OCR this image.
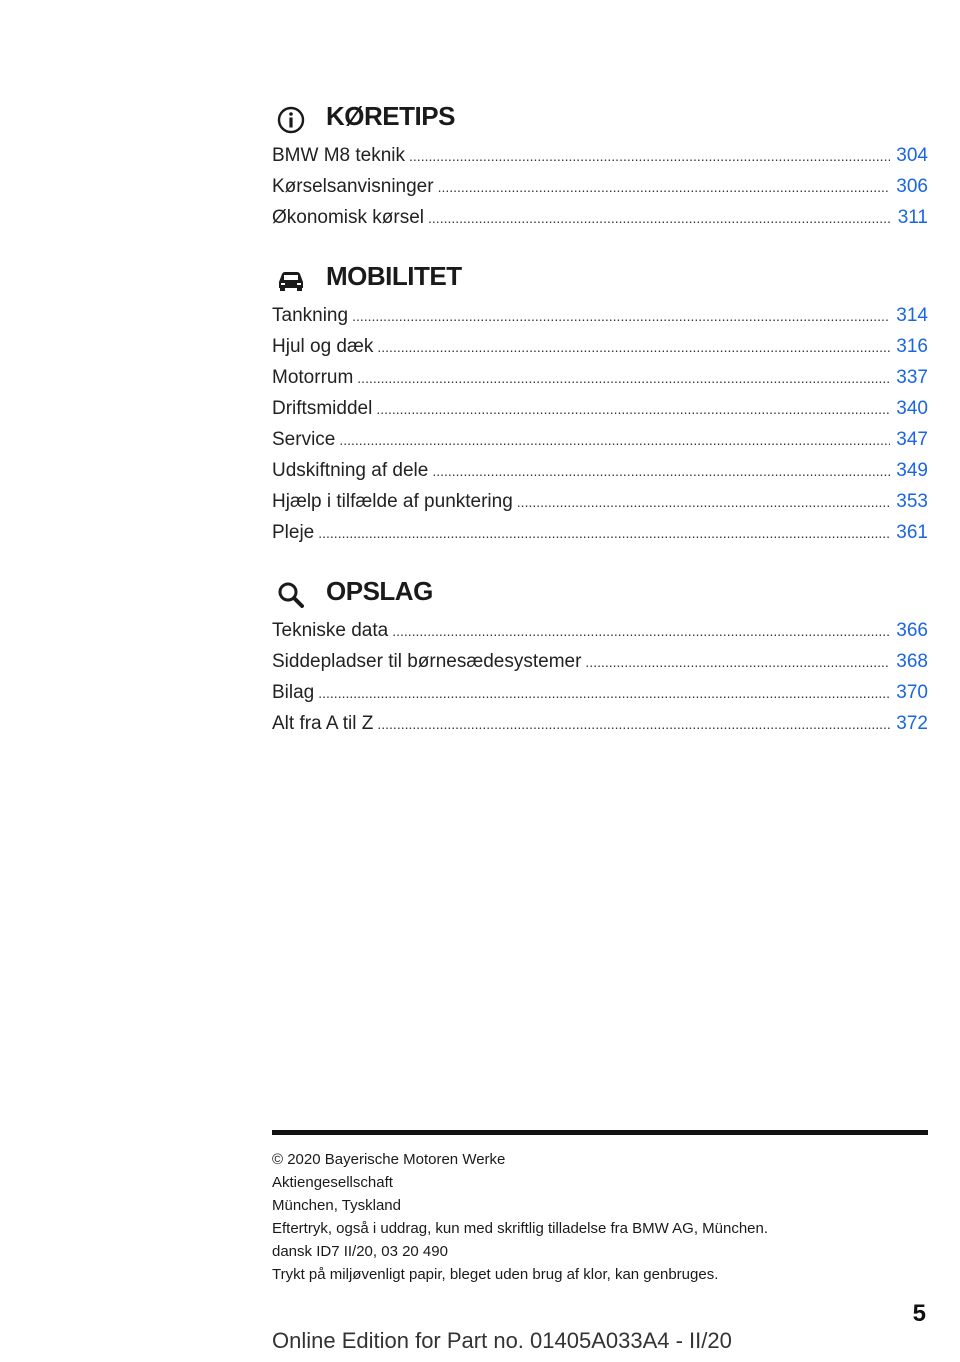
KØRETIPS
BMW M8 teknik .....	304
Kørselsanvisninger .....	306
Økonomisk kørsel .....	311
MOBILITET
Tankning .....	314
Hjul og dæk .....	316
Motorrum .....	337
Driftsmiddel .....	340
Service .....	347
Udskiftning af dele .....	349
Hjælp i tilfælde af punktering .....	353
Pleje .....	361
OPSLAG
Tekniske data .....	366
Siddepladser til børnesædesystemer .....	368
Bilag .....	370
Alt fra A til Z .....	372
© 2020 Bayerische Motoren Werke
Aktiengesellschaft
München, Tyskland
Eftertryk, også i uddrag, kun med skriftlig tilladelse fra BMW AG, München.
dansk ID7 II/20, 03 20 490
Trykt på miljøvenligt papir, bleget uden brug af klor, kan genbruges.
5
Online Edition for Part no. 01405A033A4 - II/20
